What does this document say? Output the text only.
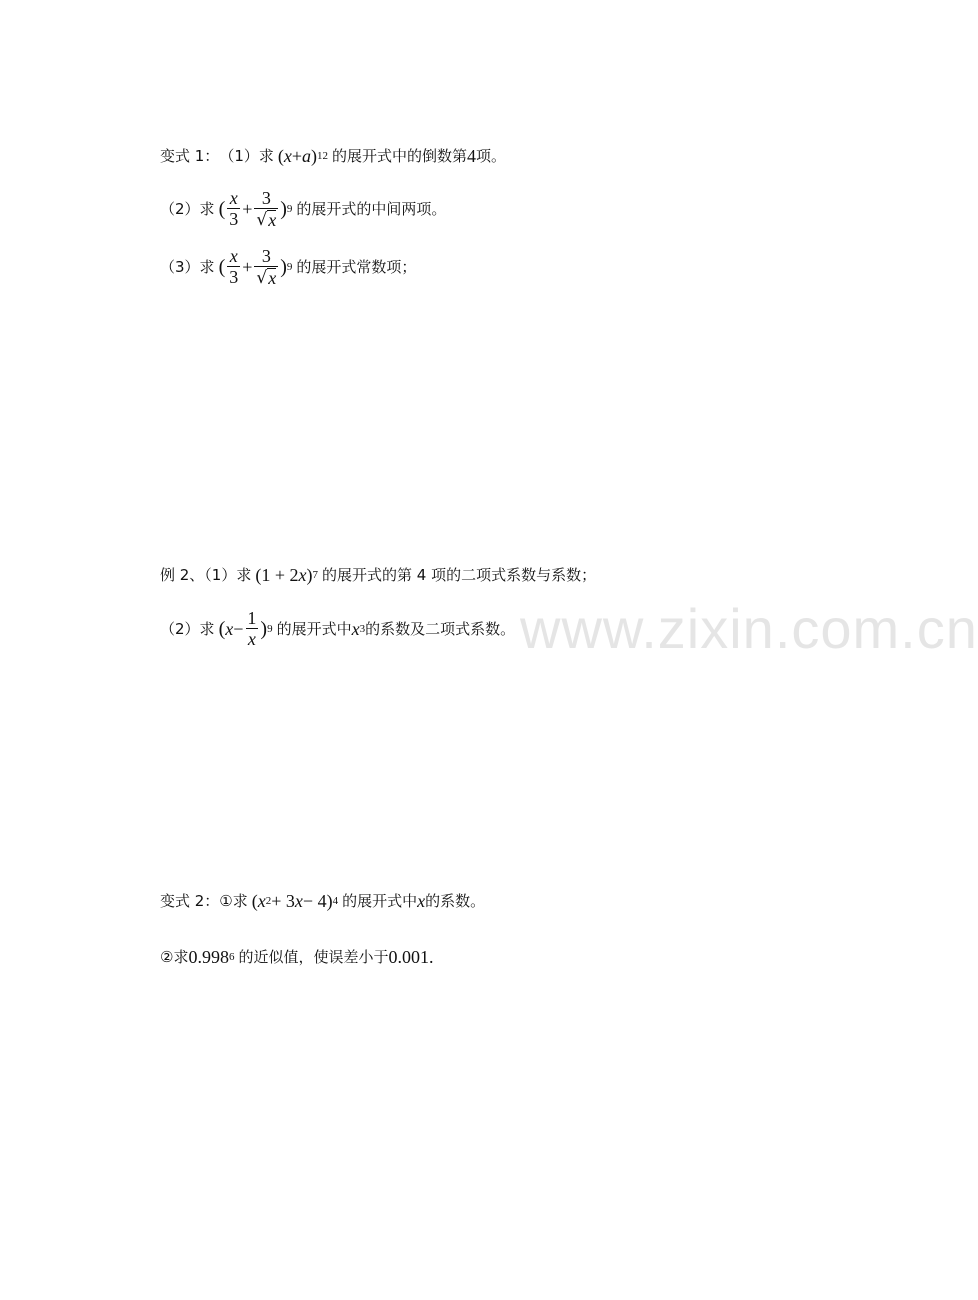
www.zixin.com.cn
变式 1： （1） 求 ( x + a ) 12 的展开式中的倒数第 4 项。
（2） 求 ( $\frac{x}{3} + \frac{3}{√ x}$ ) 9 的展开式的中间两项。
（3） 求 ( $\frac{x}{3} + \frac{3}{√ x}$ ) 9 的展开式常数项；
例 2、（1） 求 (1 + 2 x ) 7 的展开式的第 4 项的二项式系数与系数；
（2） 求 ( $x - \frac{1}{x}$ ) 9 的展开式中 x 3 的系数及二项式系数。
变式 2：①求 ( x 2 + 3 x − 4 ) 4 的展开式中 x 的系数。
②求 0.998 6 的近似值，使误差小于 0.001 .
